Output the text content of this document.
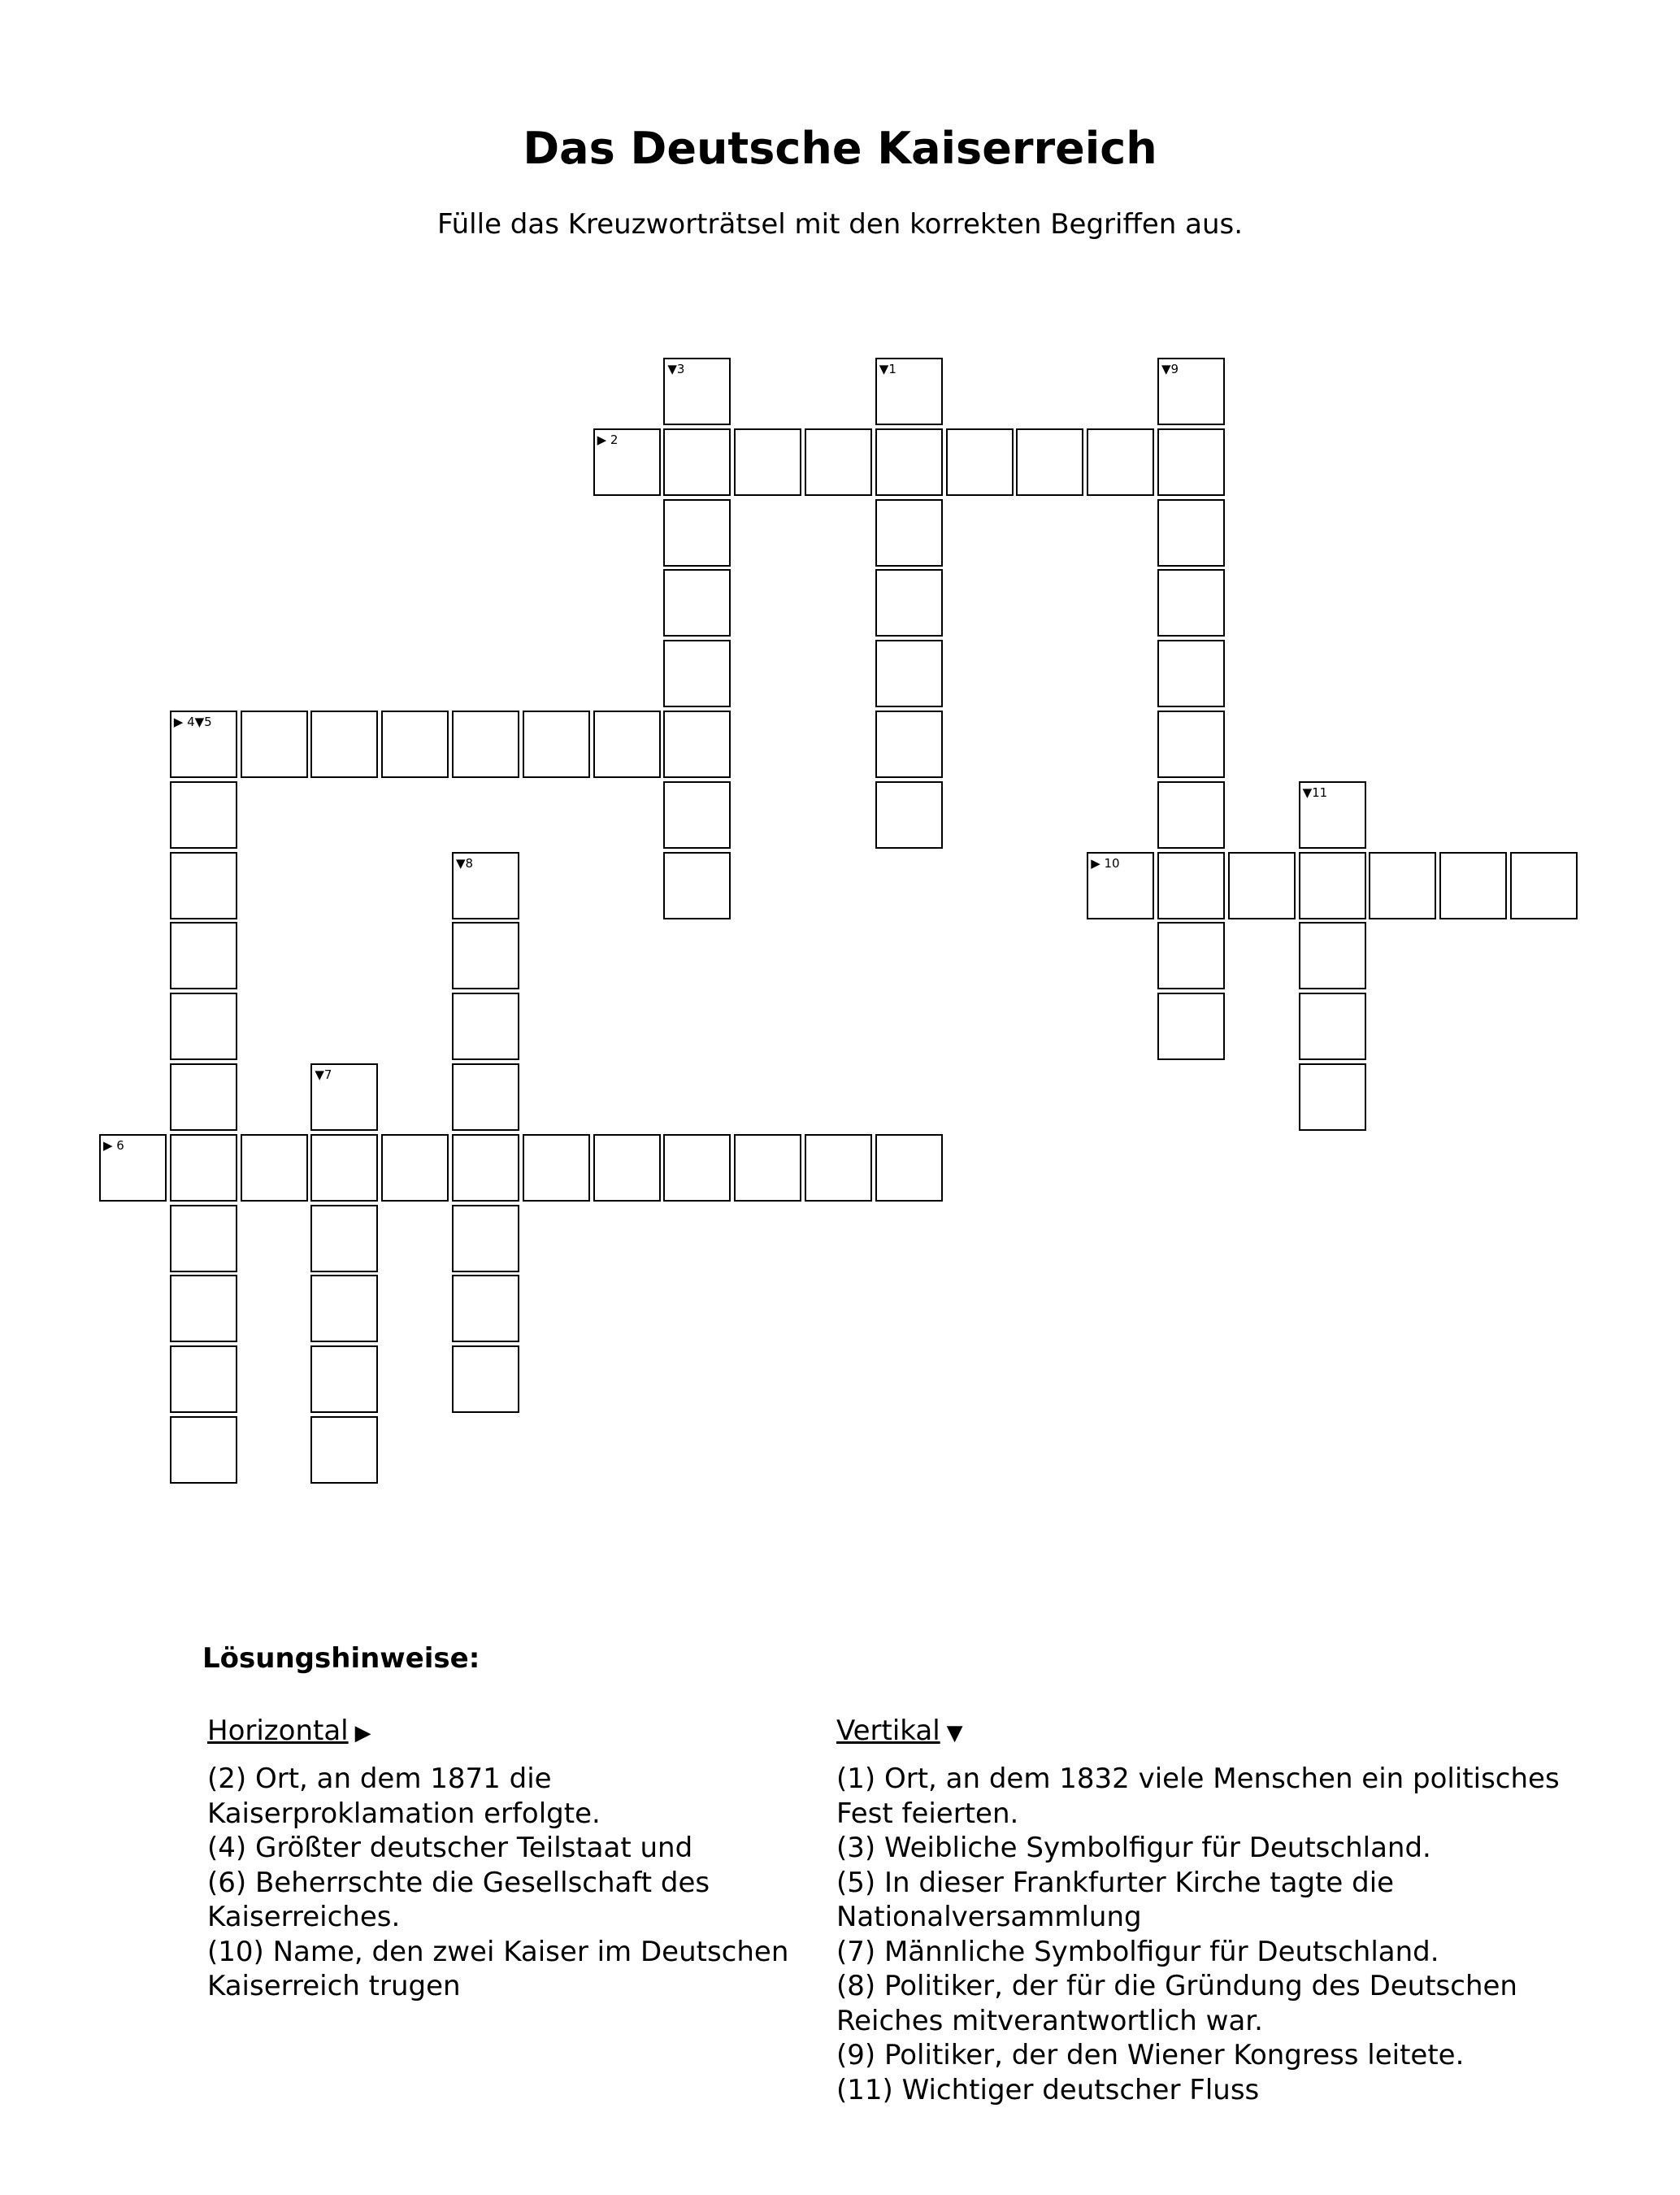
Das Deutsche Kaiserreich
Fülle das Kreuzworträtsel mit den korrekten Begriffen aus.
▼3	▼1	▼9
▶ 2
▶ 4▼5
▼11
▼8	▶ 10
▼7
▶ 6
Lösungshinweise:
Horizontal ▶	Vertikal ▼
(2) Ort, an dem 1871 die
Kaiserproklamation erfolgte.
(4) Größter deutscher Teilstaat und
(6) Beherrschte die Gesellschaft des
Kaiserreiches.
(10) Name, den zwei Kaiser im Deutschen
Kaiserreich trugen
(1) Ort, an dem 1832 viele Menschen ein politisches
Fest feierten.
(3) Weibliche Symbolfigur für Deutschland.
(5) In dieser Frankfurter Kirche tagte die
Nationalversammlung
(7) Männliche Symbolfigur für Deutschland.
(8) Politiker, der für die Gründung des Deutschen
Reiches mitverantwortlich war.
(9) Politiker, der den Wiener Kongress leitete.
(11) Wichtiger deutscher Fluss
